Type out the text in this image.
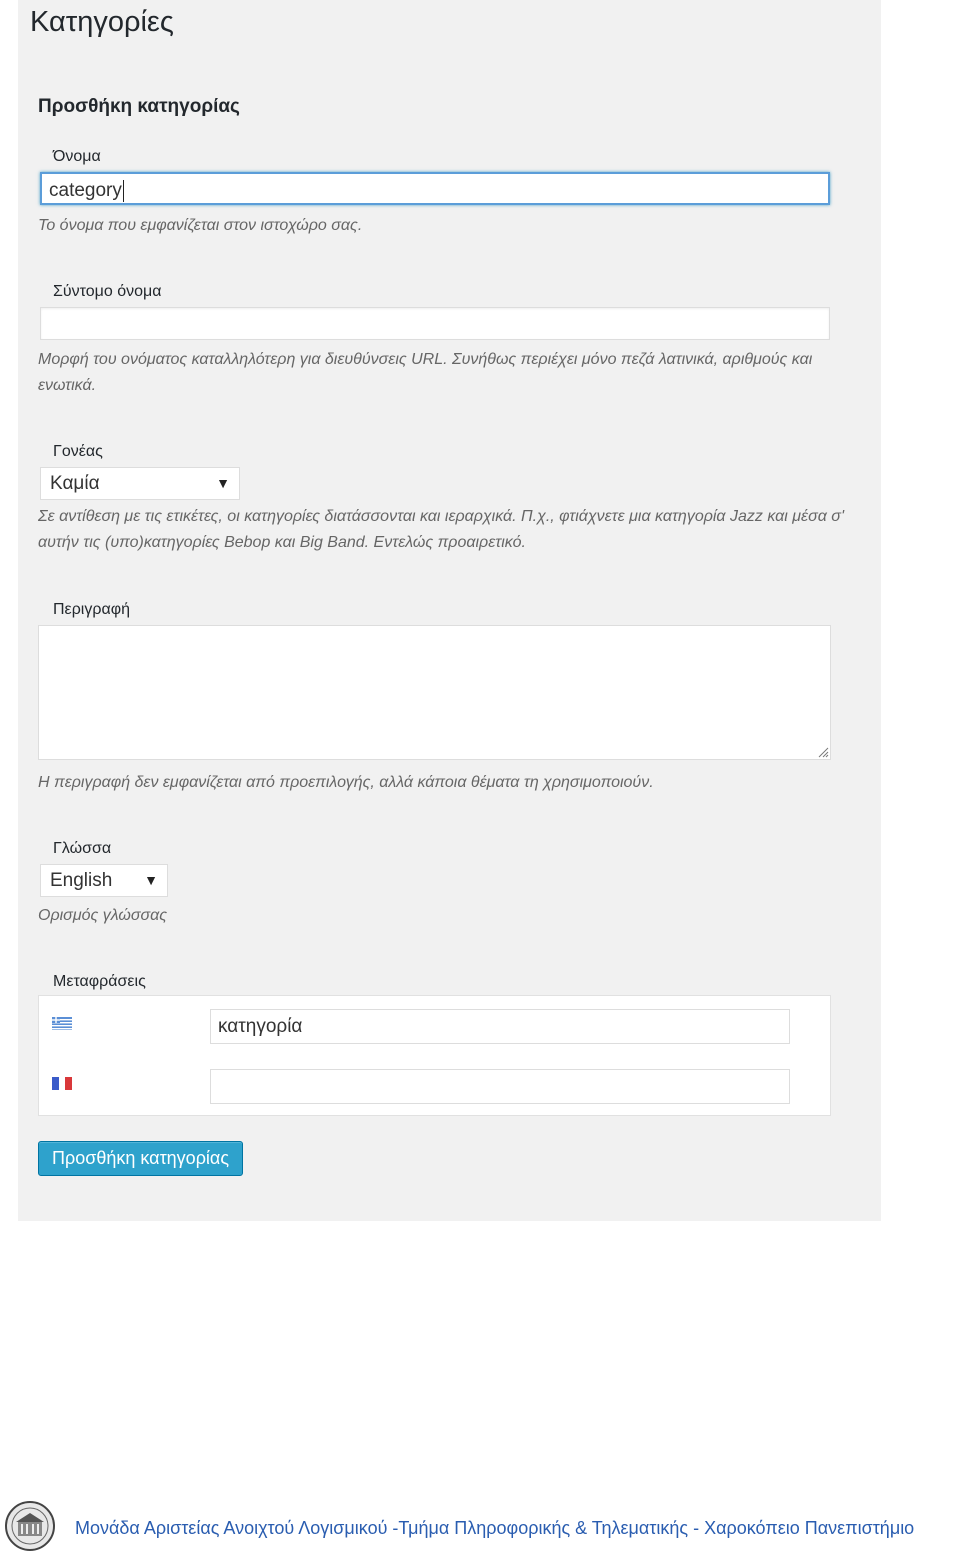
Κατηγορίες
Προσθήκη κατηγορίας
Όνομα
category
Το όνομα που εμφανίζεται στον ιστοχώρο σας.
Σύντομο όνομα
Μορφή του ονόματος καταλληλότερη για διευθύνσεις URL. Συνήθως περιέχει μόνο πεζά λατινικά, αριθμούς και ενωτικά.
Γονέας
Καμία	▼
Σε αντίθεση με τις ετικέτες, οι κατηγορίες διατάσσονται και ιεραρχικά. Π.χ., φτιάχνετε μια κατηγορία Jazz και μέσα σ' αυτήν τις (υπο)κατηγορίες Bebop και Big Band. Εντελώς προαιρετικό.
Περιγραφή
Η περιγραφή δεν εμφανίζεται από προεπιλογής, αλλά κάποια θέματα τη χρησιμοποιούν.
Γλώσσα
English ▼
Ορισμός γλώσσας
Μεταφράσεις
κατηγορία
Προσθήκη κατηγορίας
Μονάδα Αριστείας Ανοιχτού Λογισμικού -Τμήμα Πληροφορικής & Τηλεματικής - Χαροκόπειο Πανεπιστήμιο
